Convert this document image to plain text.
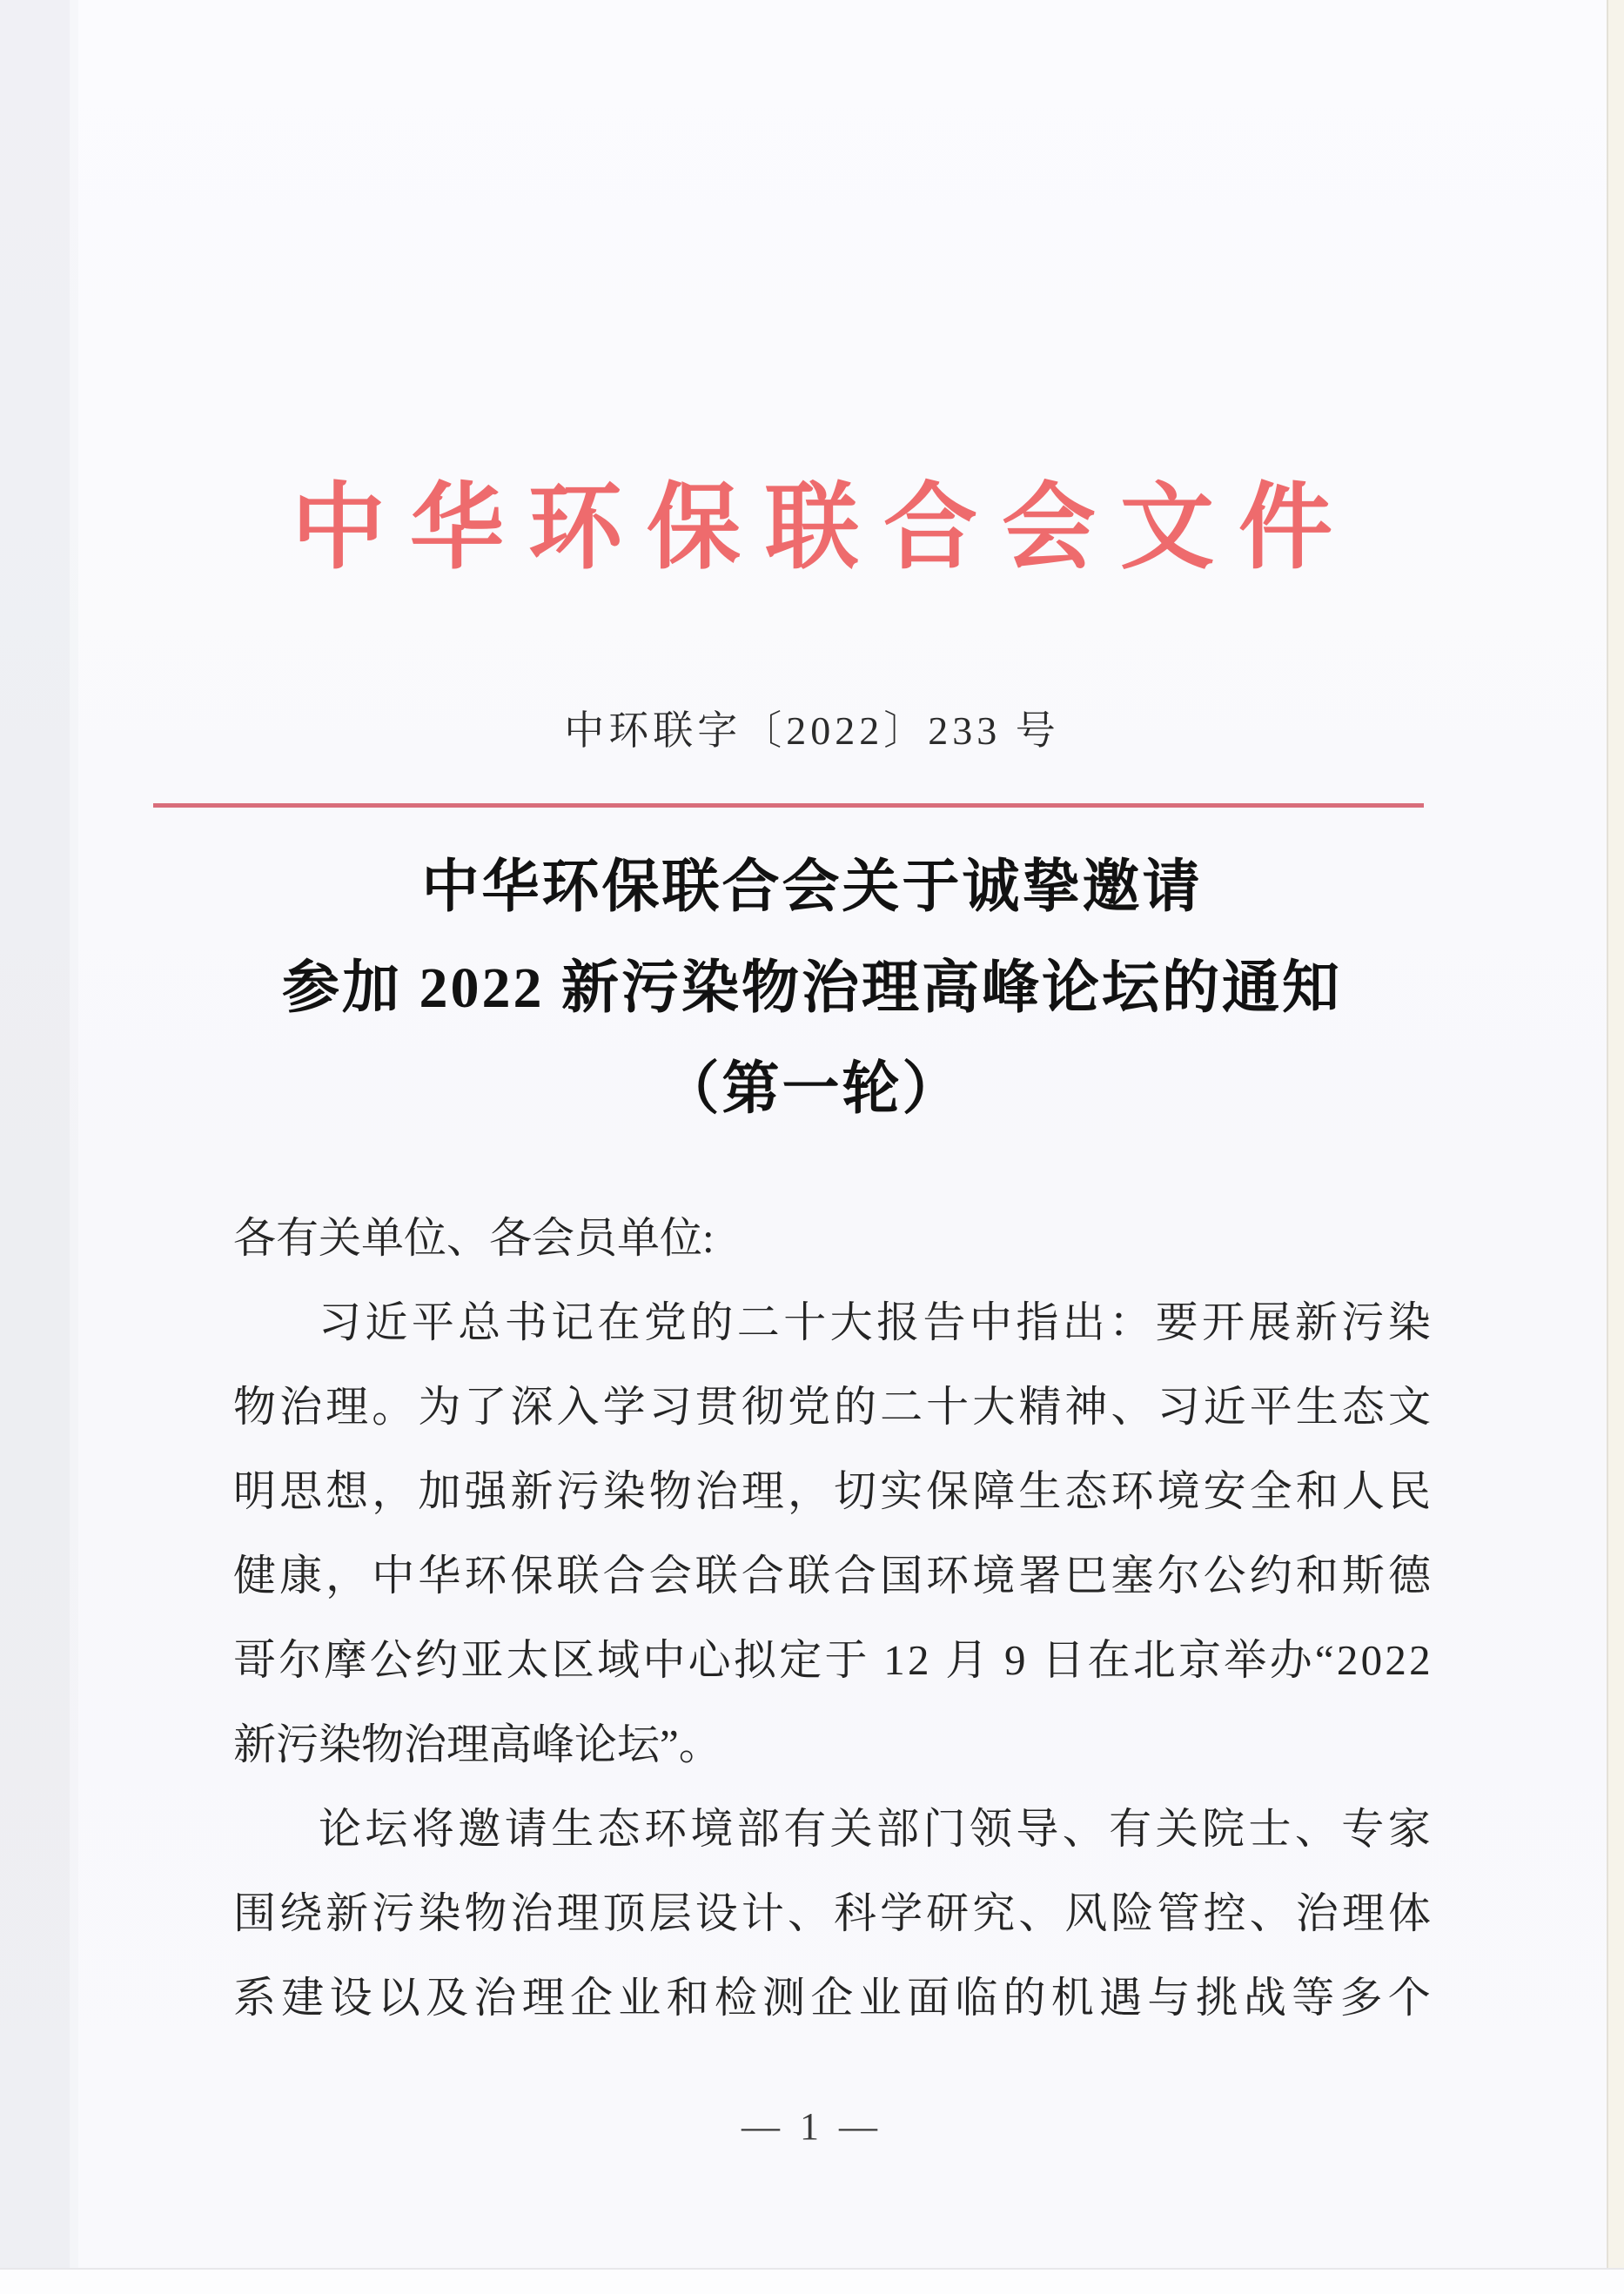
中华环保联合会文件
中环联字〔2022〕233 号
中华环保联合会关于诚挚邀请
参加 2022 新污染物治理高峰论坛的通知
（第一轮）
各有关单位、各会员单位:
习 近 平 总 书 记 在 党 的 二 十 大 报 告 中 指 出 ： 要 开 展 新 污 染
物 治 理 。 为 了 深 入 学 习 贯 彻 党 的 二 十 大 精 神 、 习 近 平 生 态 文
明 思 想 ， 加 强 新 污 染 物 治 理 ， 切 实 保 障 生 态 环 境 安 全 和 人 民
健 康 ， 中 华 环 保 联 合 会 联 合 联 合 国 环 境 署 巴 塞 尔 公 约 和 斯 德
哥 尔 摩 公 约 亚 太 区 域 中 心 拟 定 于
1 2
月
9
日 在 北 京 举 办 “ 2 0 2 2
新污染物治理高峰论坛”。
论 坛 将 邀 请 生 态 环 境 部 有 关 部 门 领 导 、 有 关 院 士 、 专 家
围 绕 新 污 染 物 治 理 顶 层 设 计 、 科 学 研 究 、 风 险 管 控 、 治 理 体
系 建 设 以 及 治 理 企 业 和 检 测 企 业 面 临 的 机 遇 与 挑 战 等 多 个
— 1 —
